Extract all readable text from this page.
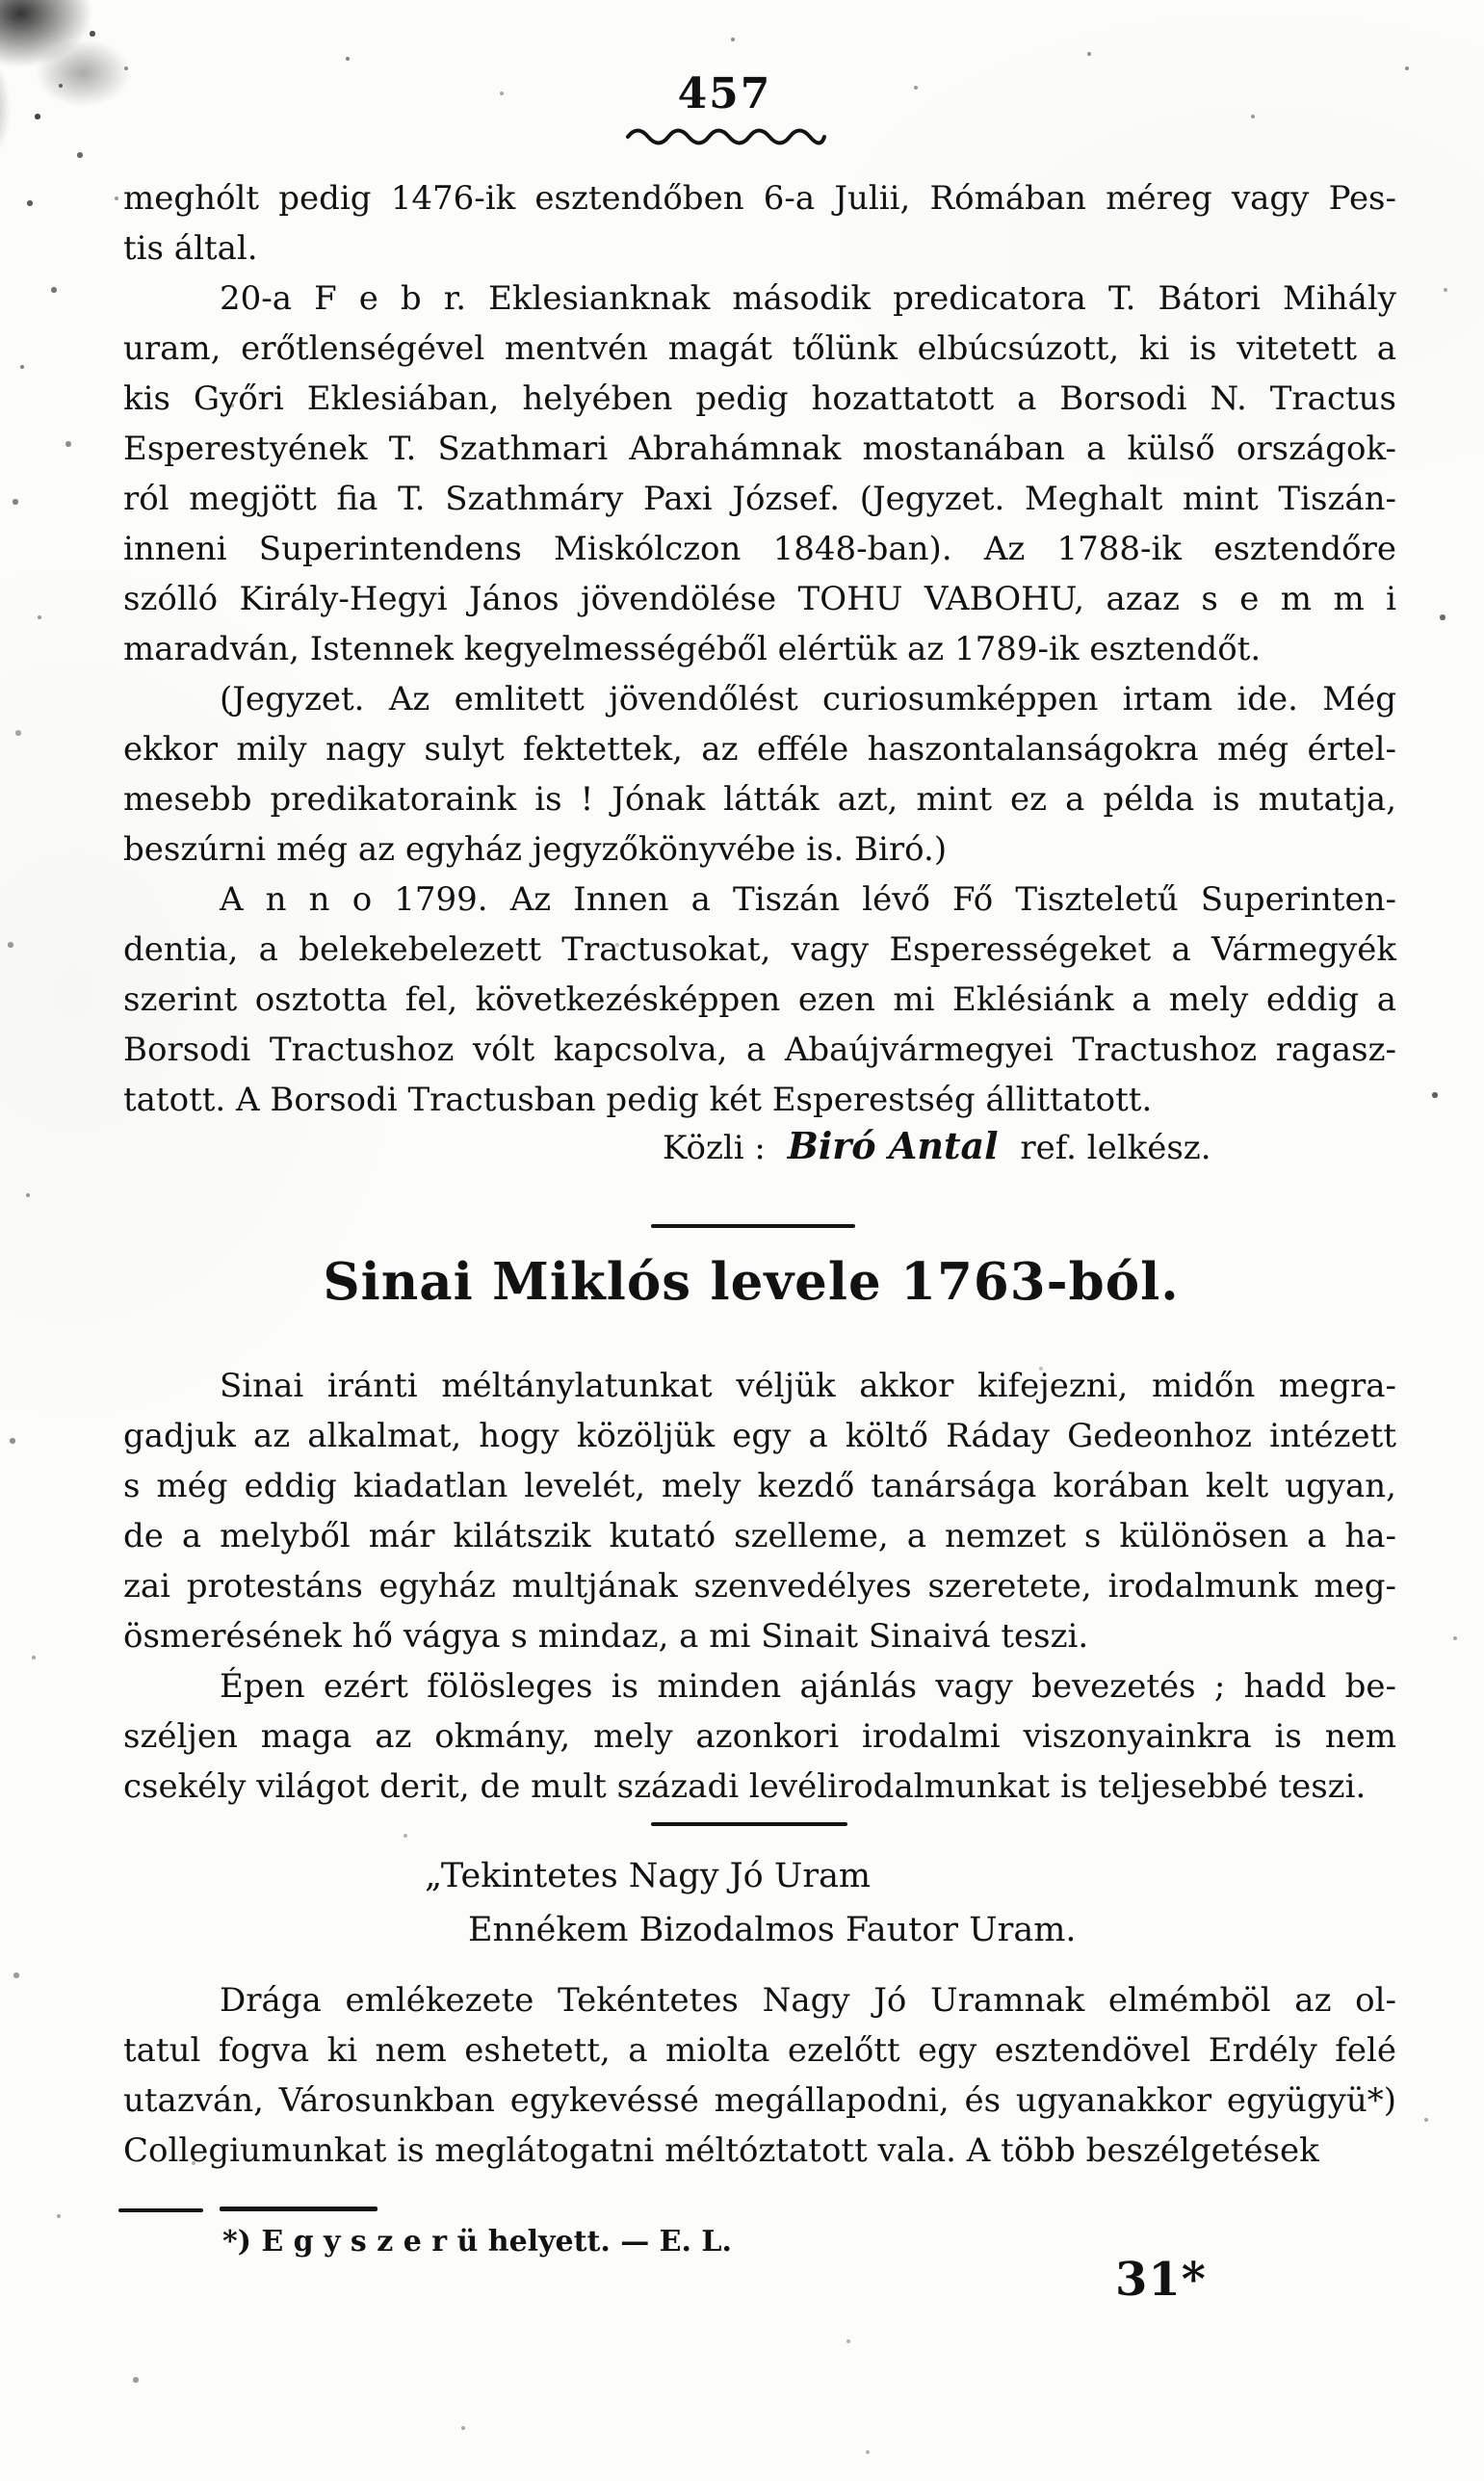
457
meghólt pedig 1476-ik esztendőben 6-a Julii, Rómában méreg vagy Pes-
tis által.
20-a F e b r. Eklesianknak második predicatora T. Bátori Mihály
uram, erőtlenségével mentvén magát tőlünk elbúcsúzott, ki is vitetett a
kis Győri Eklesiában, helyében pedig hozattatott a Borsodi N. Tractus
Esperestyének T. Szathmari Abrahámnak mostanában a külső országok-
ról megjött fia T. Szathmáry Paxi József. (Jegyzet. Meghalt mint Tiszán-
inneni Superintendens Miskólczon 1848-ban). Az 1788-ik esztendőre
szólló Király-Hegyi János jövendölése TOHU VABOHU, azaz s e m m i
maradván, Istennek kegyelmességéből elértük az 1789-ik esztendőt.
(Jegyzet. Az emlitett jövendőlést curiosumképpen irtam ide. Még
ekkor mily nagy sulyt fektettek, az efféle haszontalanságokra még értel-
mesebb predikatoraink is ! Jónak látták azt, mint ez a példa is mutatja,
beszúrni még az egyház jegyzőkönyvébe is. Biró.)
A n n o 1799. Az Innen a Tiszán lévő Fő Tiszteletű Superinten-
dentia, a belekebelezett Tractusokat, vagy Esperességeket a Vármegyék
szerint osztotta fel, következésképpen ezen mi Eklésiánk a mely eddig a
Borsodi Tractushoz vólt kapcsolva, a Abaújvármegyei Tractushoz ragasz-
tatott. A Borsodi Tractusban pedig két Esperestség állittatott.
Közli : Biró Antal ref. lelkész.
Sinai Miklós levele 1763-ból.
Sinai iránti méltánylatunkat véljük akkor kifejezni, midőn megra-
gadjuk az alkalmat, hogy közöljük egy a költő Ráday Gedeonhoz intézett
s még eddig kiadatlan levelét, mely kezdő tanársága korában kelt ugyan,
de a melyből már kilátszik kutató szelleme, a nemzet s különösen a ha-
zai protestáns egyház multjának szenvedélyes szeretete, irodalmunk meg-
ösmerésének hő vágya s mindaz, a mi Sinait Sinaivá teszi.
Épen ezért fölösleges is minden ajánlás vagy bevezetés ; hadd be-
széljen maga az okmány, mely azonkori irodalmi viszonyainkra is nem
csekély világot derit, de mult századi levélirodalmunkat is teljesebbé teszi.
„Tekintetes Nagy Jó Uram
Ennékem Bizodalmos Fautor Uram.
Drága emlékezete Tekéntetes Nagy Jó Uramnak elmémböl az ol-
tatul fogva ki nem eshetett, a miolta ezelőtt egy esztendövel Erdély felé
utazván, Városunkban egykevéssé megállapodni, és ugyanakkor együgyü*)
Collegiumunkat is meglátogatni méltóztatott vala. A több beszélgetések
*) E g y s z e r ü helyett. — E. L.
31*
